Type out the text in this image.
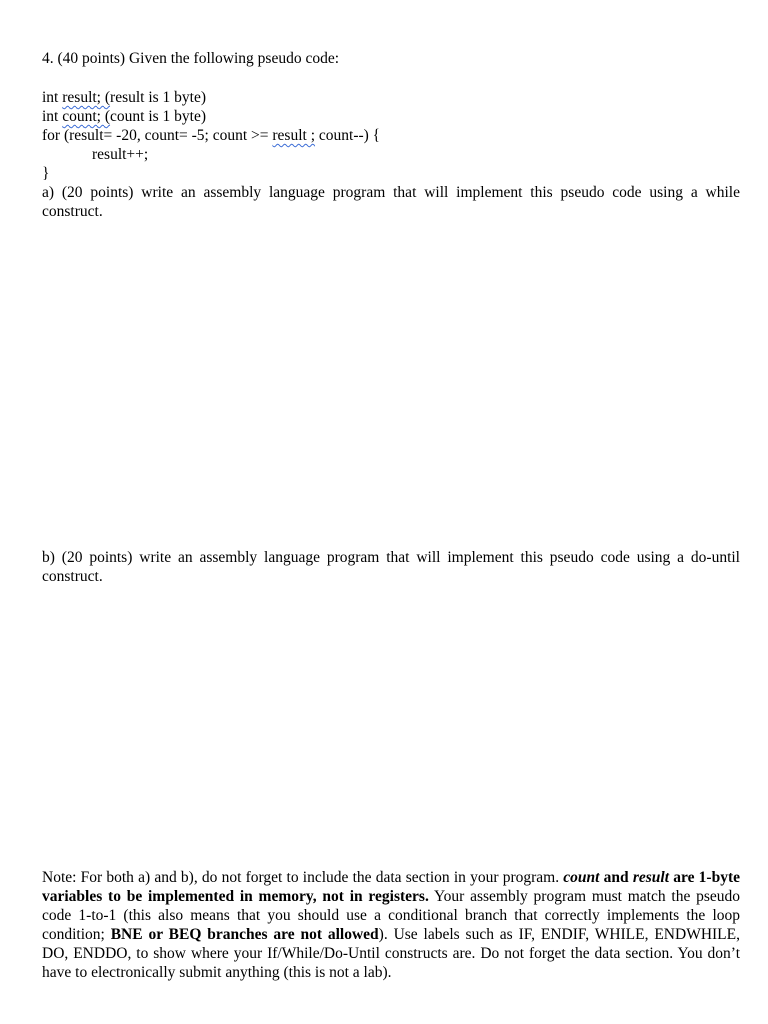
4. (40 points) Given the following pseudo code:
int result; (result is 1 byte)
int count; (count is 1 byte)
for (result= -20, count= -5; count >= result ; count--) {
result++;
}
a) (20 points) write an assembly language program that will implement this pseudo code using a while construct.
b) (20 points) write an assembly language program that will implement this pseudo code using a do-until construct.
Note: For both a) and b), do not forget to include the data section in your program. count and result are 1-byte variables to be implemented in memory, not in registers. Your assembly program must match the pseudo code 1-to-1 (this also means that you should use a conditional branch that correctly implements the loop condition; BNE or BEQ branches are not allowed). Use labels such as IF, ENDIF, WHILE, ENDWHILE, DO, ENDDO, to show where your If/While/Do-Until constructs are. Do not forget the data section. You don’t have to electronically submit anything (this is not a lab).
